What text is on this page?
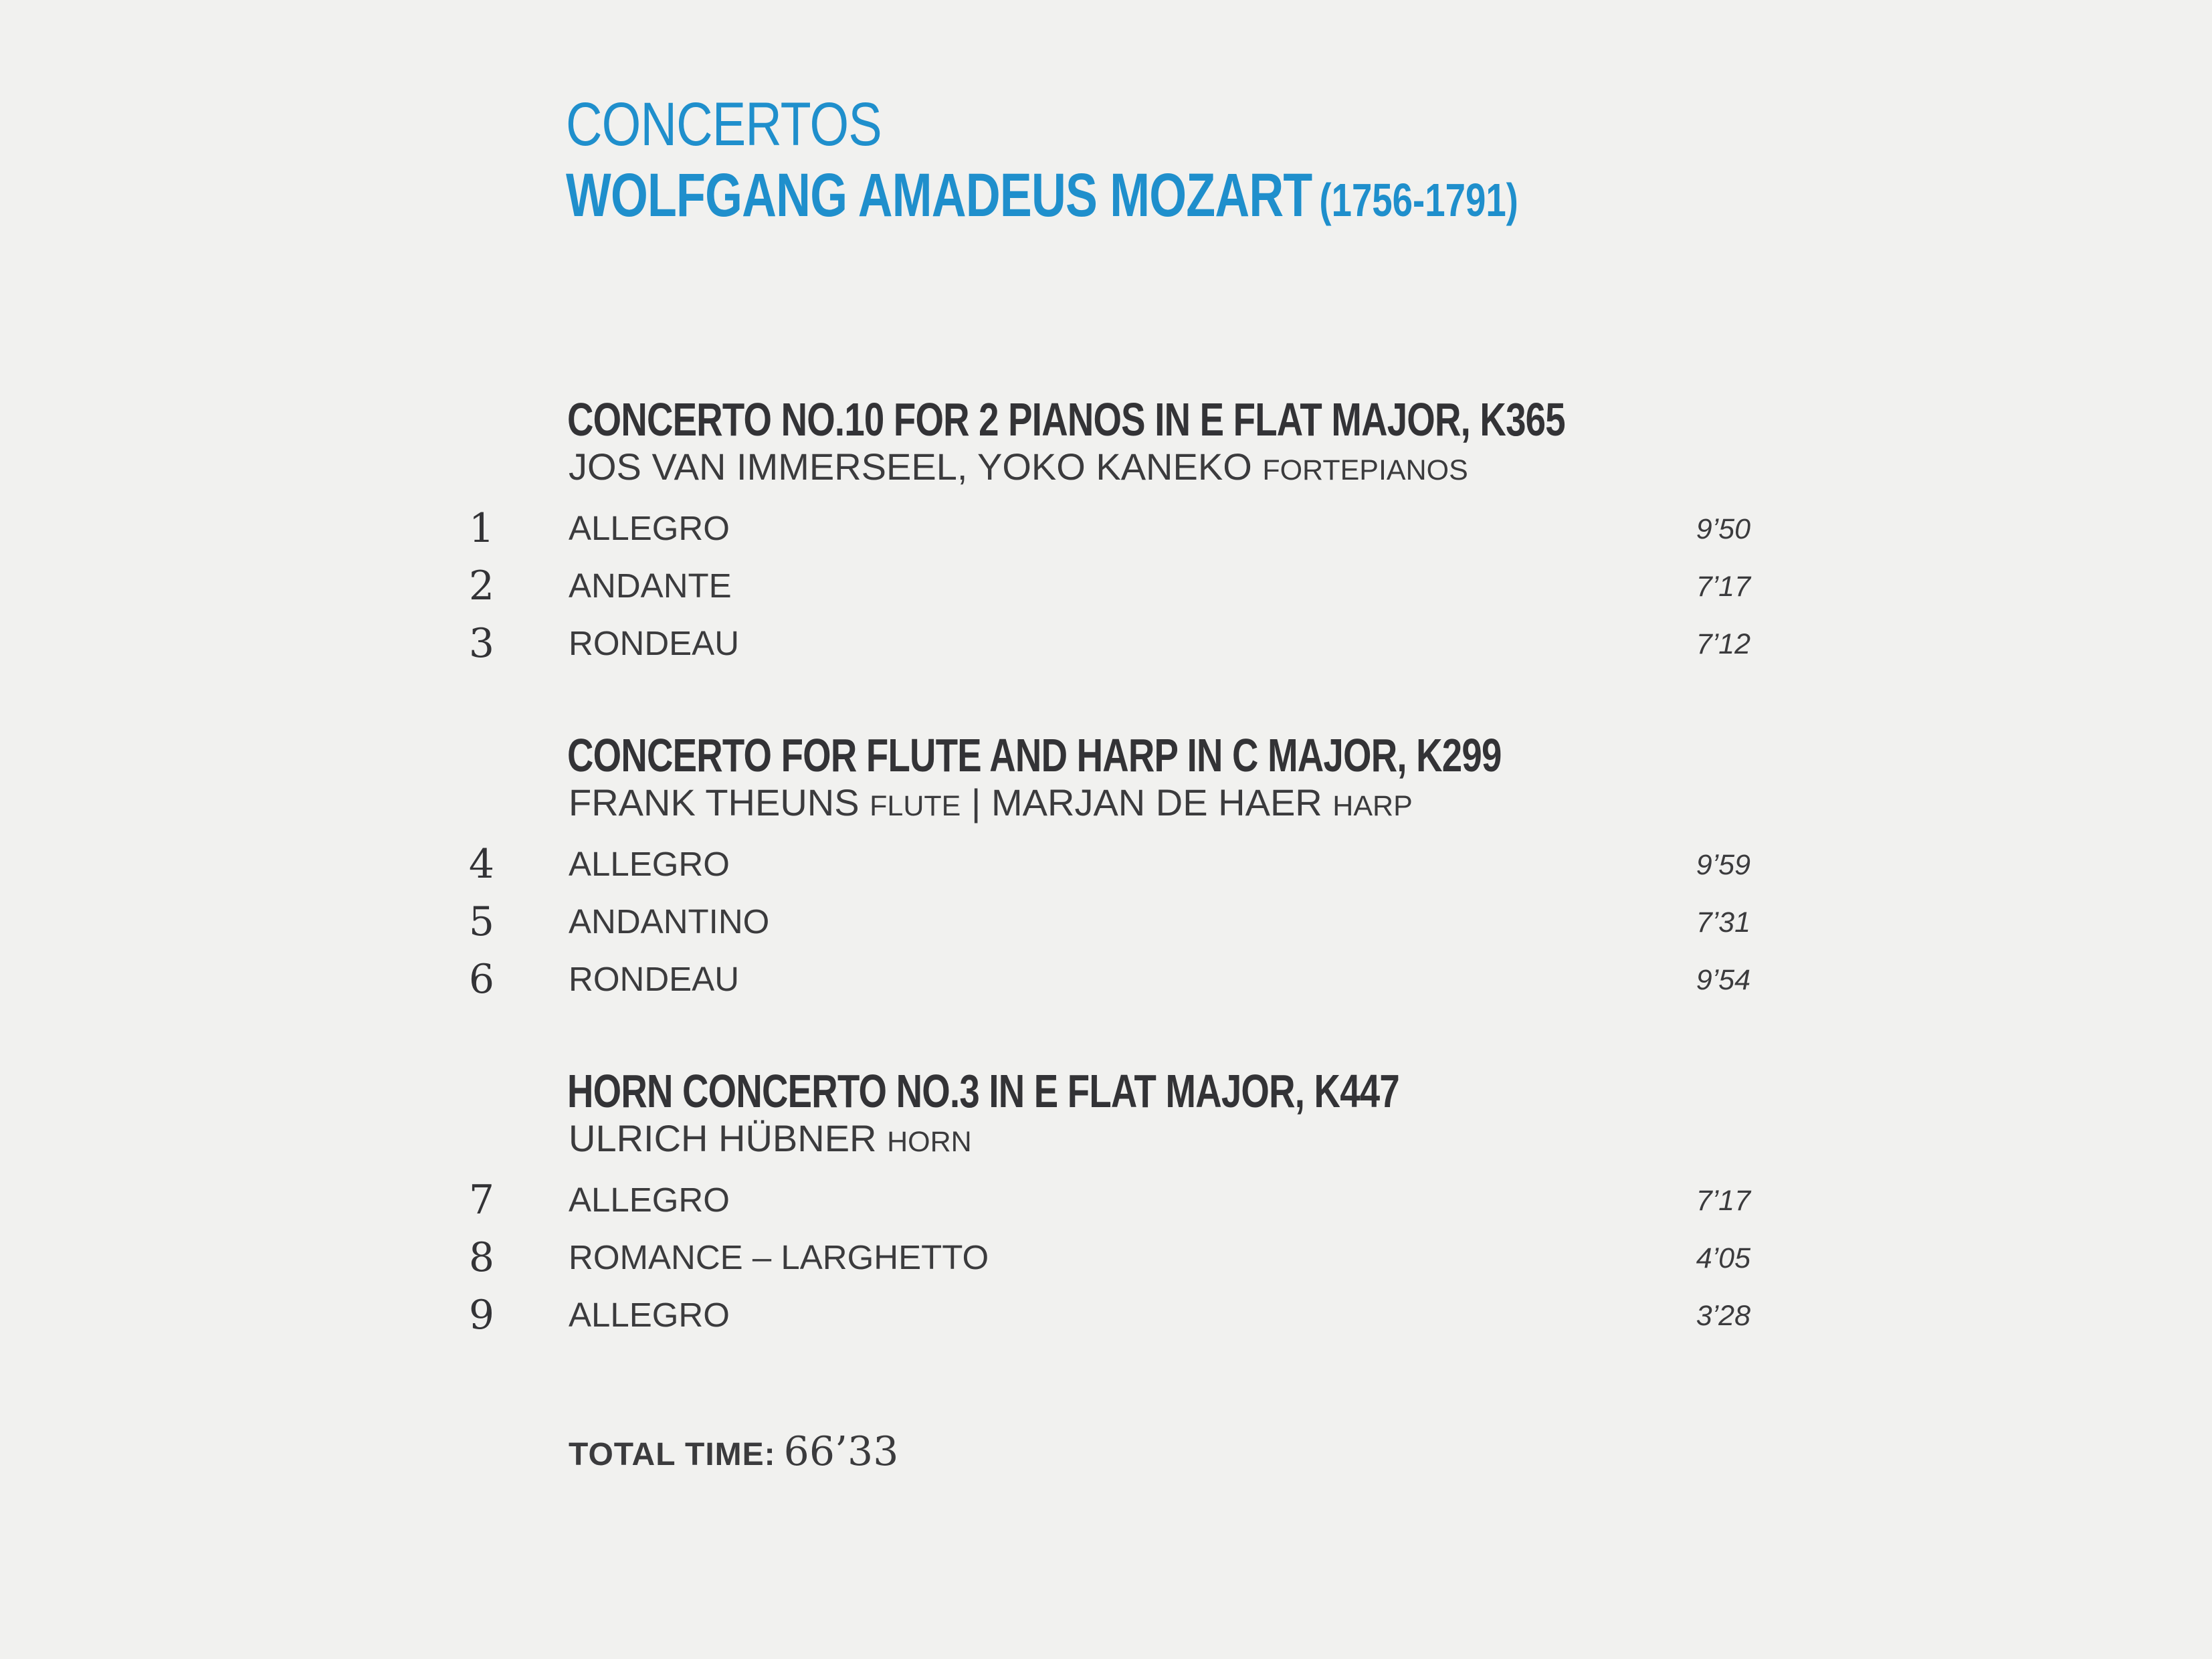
CONCERTOS
WOLFGANG AMADEUS MOZART (1756-1791)
CONCERTO NO.10 FOR 2 PIANOS IN E FLAT MAJOR, K365
JOS VAN IMMERSEEL, YOKO KANEKO FORTEPIANOS
1 ALLEGRO	9’50
2 ANDANTE	7’17
3 RONDEAU	7’12
CONCERTO FOR FLUTE AND HARP IN C MAJOR, K299
FRANK THEUNS FLUTE | MARJAN DE HAER HARP
4 ALLEGRO	9’59
5 ANDANTINO	7’31
6 RONDEAU	9’54
HORN CONCERTO NO.3 IN E FLAT MAJOR, K447
ULRICH HÜBNER HORN
7 ALLEGRO	7’17
8 ROMANCE – LARGHETTO	4’05
9 ALLEGRO	3’28
TOTAL TIME: 66’33
